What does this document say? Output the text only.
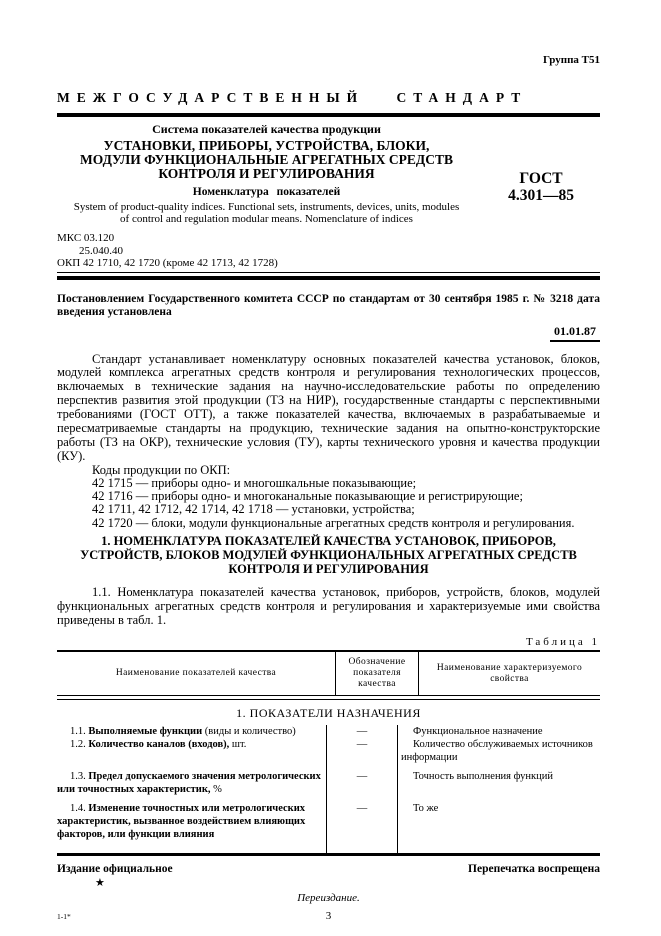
Группа Т51
МЕЖГОСУДАРСТВЕННЫЙ СТАНДАРТ
Система показателей качества продукции
УСТАНОВКИ, ПРИБОРЫ, УСТРОЙСТВА, БЛОКИ,
МОДУЛИ ФУНКЦИОНАЛЬНЫЕ АГРЕГАТНЫХ СРЕДСТВ
КОНТРОЛЯ И РЕГУЛИРОВАНИЯ
Номенклатура показателей
System of product-quality indices. Functional sets, instruments, devices, units, modules
of control and regulation modular means. Nomenclature of indices
ГОСТ
4.301—85
МКС 03.120
25.040.40
ОКП 42 1710, 42 1720 (кроме 42 1713, 42 1728)
Постановлением Государственного комитета СССР по стандартам от 30 сентября 1985 г. № 3218 дата введения установлена
01.01.87

Стандарт устанавливает номенклатуру основных показателей качества установок, блоков, модулей комплекса агрегатных средств контроля и регулирования технологических процессов, включаемых в технические задания на научно-исследовательские работы по определению перспектив развития этой продукции (ТЗ на НИР), государственные стандарты с перспективными требованиями (ГОСТ ОТТ), а также показателей качества, включаемых в разрабатываемые и пересматриваемые стандарты на продукцию, технические задания на опытно-конструкторские работы (ТЗ на ОКР), технические условия (ТУ), карты технического уровня и качества продукции (КУ).

Коды продукции по ОКП:
42 1715 — приборы одно- и многошкальные показывающие;
42 1716 — приборы одно- и многоканальные показывающие и регистрирующие;
42 1711, 42 1712, 42 1714, 42 1718 — установки, устройства;
42 1720 — блоки, модули функциональные агрегатных средств контроля и регулирования.
1. НОМЕНКЛАТУРА ПОКАЗАТЕЛЕЙ КАЧЕСТВА УСТАНОВОК, ПРИБОРОВ, УСТРОЙСТВ, БЛОКОВ МОДУЛЕЙ ФУНКЦИОНАЛЬНЫХ АГРЕГАТНЫХ СРЕДСТВ КОНТРОЛЯ И РЕГУЛИРОВАНИЯ

1.1. Номенклатура показателей качества установок, приборов, устройств, блоков, модулей функциональных агрегатных средств контроля и регулирования и характеризуемые ими свойства приведены в табл. 1.

Таблица 1
Наименование показателей качества	Обозначение показателя качества	Наименование характеризуемого свойства
1. ПОКАЗАТЕЛИ НАЗНАЧЕНИЯ
1.1. Выполняемые функции (виды и количество)	—	Функциональное назначение
1.2. Количество каналов (входов), шт.	—	Количество обслуживаемых источников информации
1.3. Предел допускаемого значения метрологических или точностных характеристик, %	—	Точность выполнения функций
1.4. Изменение точностных или метрологических характеристик, вызванное воздействием влияющих факторов, или функции влияния	—	То же

Издание официальное	Перепечатка воспрещена
★
Переиздание.
1-1*	3
